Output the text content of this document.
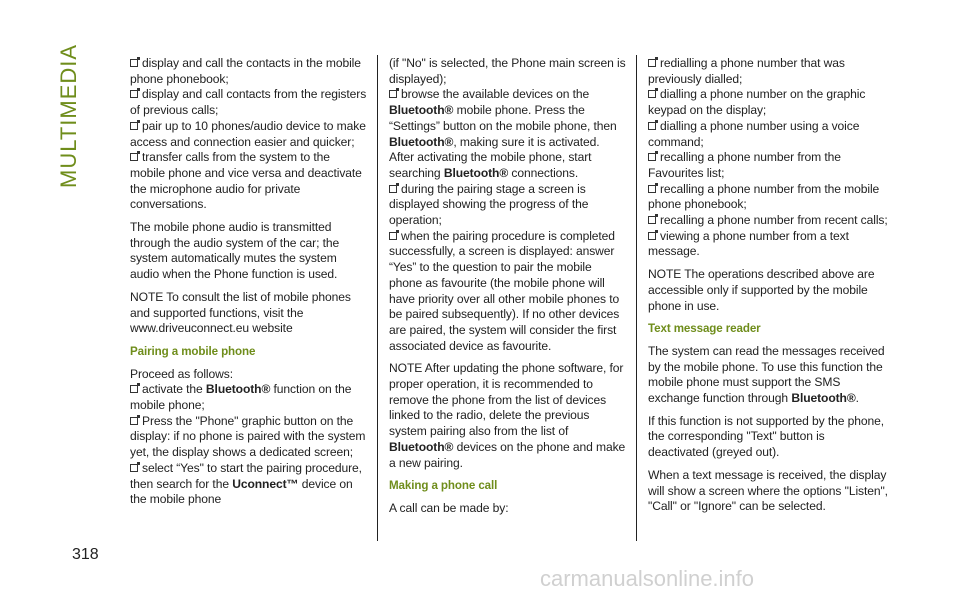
MULTIMEDIA
318

display and call the contacts in the mobile phone phonebook;

display and call contacts from the registers of previous calls;

pair up to 10 phones/audio device to make access and connection easier and quicker;

transfer calls from the system to the mobile phone and vice versa and deactivate the microphone audio for private conversations.

The mobile phone audio is transmitted through the audio system of the car; the system automatically mutes the system audio when the Phone function is used.

NOTE To consult the list of mobile phones and supported functions, visit the www.driveuconnect.eu website

Pairing a mobile phone

Proceed as follows:

activate the Bluetooth® function on the mobile phone;

Press the "Phone" graphic button on the display: if no phone is paired with the system yet, the display shows a dedicated screen;

select “Yes" to start the pairing procedure, then search for the Uconnect™ device on the mobile phone

(if "No" is selected, the Phone main screen is displayed);

browse the available devices on the Bluetooth® mobile phone. Press the “Settings” button on the mobile phone, then Bluetooth®, making sure it is activated.

After activating the mobile phone, start searching Bluetooth® connections.

during the pairing stage a screen is displayed showing the progress of the operation;

when the pairing procedure is completed successfully, a screen is displayed: answer “Yes” to the question to pair the mobile phone as favourite (the mobile phone will have priority over all other mobile phones to be paired subsequently). If no other devices are paired, the system will consider the first associated device as favourite.

NOTE After updating the phone software, for proper operation, it is recommended to remove the phone from the list of devices linked to the radio, delete the previous system pairing also from the list of Bluetooth® devices on the phone and make a new pairing.

Making a phone call

A call can be made by:

redialling a phone number that was previously dialled;

dialling a phone number on the graphic keypad on the display;

dialling a phone number using a voice command;

recalling a phone number from the Favourites list;

recalling a phone number from the mobile phone phonebook;

recalling a phone number from recent calls;

viewing a phone number from a text message.

NOTE The operations described above are accessible only if supported by the mobile phone in use.

Text message reader

The system can read the messages received by the mobile phone. To use this function the mobile phone must support the SMS exchange function through Bluetooth®.

If this function is not supported by the phone, the corresponding "Text" button is deactivated (greyed out).

When a text message is received, the display will show a screen where the options "Listen", "Call" or "Ignore" can be selected.

carmanualsonline.info
